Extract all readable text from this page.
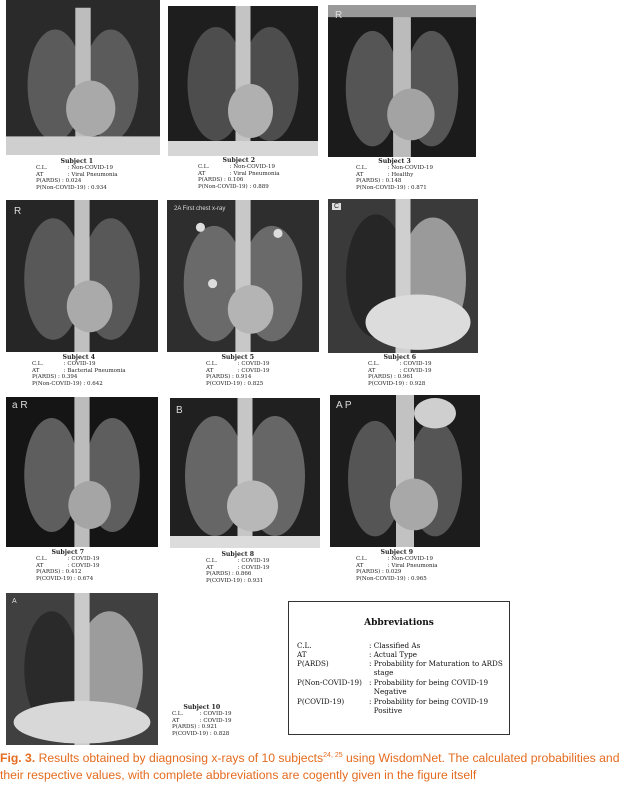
R
R	2A First chest x-ray	C
a R	B	A P
A
Subject 1
C.L.	: Non-COVID-19
AT	: Viral Pneumonia
P(ARDS) : 0.024
P(Non-COVID-19) : 0.934
Subject 2
C.L.	: Non-COVID-19
AT	: Viral Pneumonia
P(ARDS) : 0.106
P(Non-COVID-19) : 0.889
Subject 3
C.L.	: Non-COVID-19
AT	: Healthy
P(ARDS) : 0.148
P(Non-COVID-19) : 0.871
Subject 4
C.L.	: COVID-19
AT	: Bacterial Pneumonia
P(ARDS) : 0.394
P(Non-COVID-19) : 0.642
Subject 5
C.L.	: COVID-19
AT	: COVID-19
P(ARDS) : 0.914
P(COVID-19) : 0.825
Subject 6
C.L.	: COVID-19
AT	: COVID-19
P(ARDS) : 0.961
P(COVID-19) : 0.928
Subject 7
C.L.	: COVID-19
AT	: COVID-19
P(ARDS) : 0.412
P(COVID-19) : 0.674
Subject 8
C.L.	: COVID-19
AT	: COVID-19
P(ARDS) : 0.866
P(COVID-19) : 0.931
Subject 9
C.L.	: Non-COVID-19
AT	: Viral Pneumonia
P(ARDS) : 0.029
P(Non-COVID-19) : 0.965
Subject 10
C.L.	: COVID-19
AT	: COVID-19
P(ARDS) : 0.921
P(COVID-19) : 0.828
Abbreviations
C.L.	: Classified As
AT	: Actual Type
P(ARDS)	: Probability for Maturation to ARDS stage
P(Non-COVID-19) : Probability for being COVID-19 Negative
P(COVID-19)	: Probability for being COVID-19 Positive
Fig. 3. Results obtained by diagnosing x-rays of 10 subjects$^{24, 25}$ using WisdomNet. The calculated probabilities and their respective values, with complete abbreviations are cogently given in the figure itself
